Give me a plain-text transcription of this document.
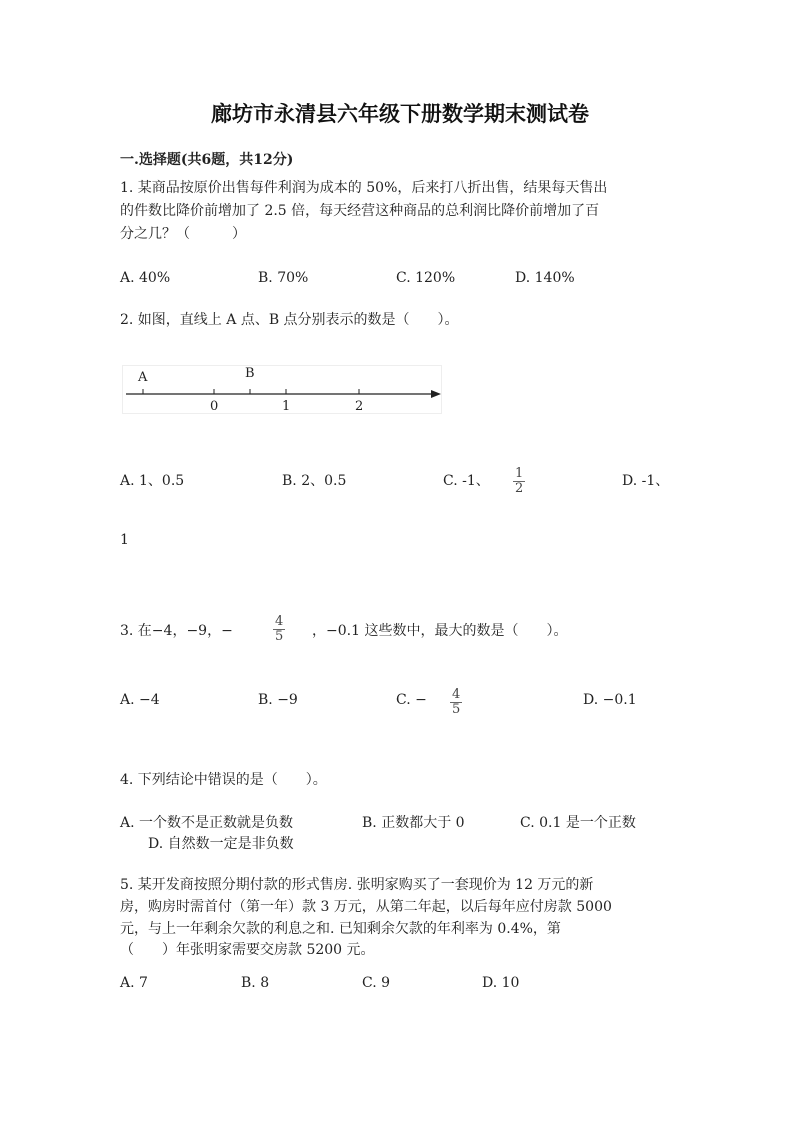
廊坊市永清县六年级下册数学期末测试卷
一.选择题(共6题，共12分)
1. 某商品按原价出售每件利润为成本的 50%，后来打八折出售，结果每天售出
的件数比降价前增加了 2.5 倍，每天经营这种商品的总利润比降价前增加了百
分之几？（　　　）
A. 40%	B. 70%	C. 120%	D. 140%
2. 如图，直线上 A 点、B 点分别表示的数是（　　）。
A	B
0	1	2
A. 1、0.5	B. 2、0.5	C. -1、 $\frac{1}{2}$	D. -1、
1
3. 在−4，−9，−	$\frac{4}{5}$ ，−0.1 这些数中，最大的数是（　　）。
A. −4	B. −9	C. − $\frac{4}{5}$	D. −0.1
4. 下列结论中错误的是（　　）。
A. 一个数不是正数就是负数	B. 正数都大于 0	C. 0.1 是一个正数
D. 自然数一定是非负数
5. 某开发商按照分期付款的形式售房. 张明家购买了一套现价为 12 万元的新
房，购房时需首付（第一年）款 3 万元，从第二年起，以后每年应付房款 5000
元，与上一年剩余欠款的利息之和. 已知剩余欠款的年利率为 0.4%，第
（　　）年张明家需要交房款 5200 元。
A. 7	B. 8	C. 9	D. 10
